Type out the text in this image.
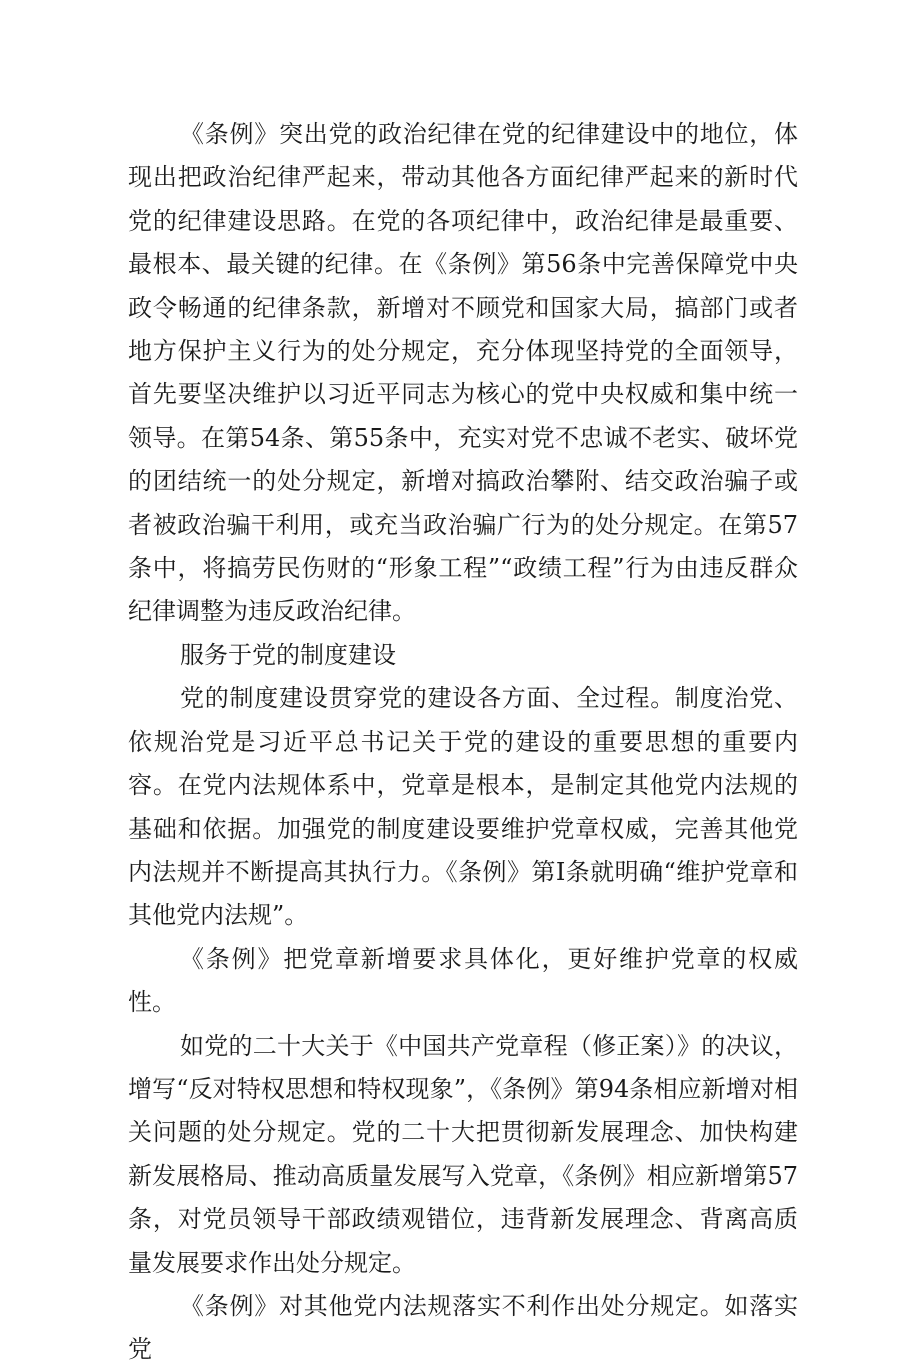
《条例》突出党的政治纪律在党的纪律建设中的地位，体现出把政治纪律严起来，带动其他各方面纪律严起来的新时代党的纪律建设思路。在党的各项纪律中，政治纪律是最重要、最根本、最关键的纪律。在《条例》第56条中完善保障党中央政令畅通的纪律条款，新增对不顾党和国家大局，搞部门或者地方保护主义行为的处分规定，充分体现坚持党的全面领导，首先要坚决维护以习近平同志为核心的党中央权威和集中统一领导。在第54条、第55条中，充实对党不忠诚不老实、破坏党的团结统一的处分规定，新增对搞政治攀附、结交政治骗子或者被政治骗干利用，或充当政治骗广行为的处分规定。在第57条中，将搞劳民伤财的“形象工程”“政绩工程”行为由违反群众纪律调整为违反政治纪律。

服务于党的制度建设

党的制度建设贯穿党的建设各方面、全过程。制度治党、依规治党是习近平总书记关于党的建设的重要思想的重要内容。在党内法规体系中，党章是根本，是制定其他党内法规的基础和依据。加强党的制度建设要维护党章权威，完善其他党内法规并不断提高其执行力。《条例》第I条就明确“维护党章和其他党内法规”。

《条例》把党章新增要求具体化，更好维护党章的权威性。

如党的二十大关于《中国共产党章程（修正案）》的决议，增写“反对特权思想和特权现象”，《条例》第94条相应新增对相关问题的处分规定。党的二十大把贯彻新发展理念、加快构建新发展格局、推动高质量发展写入党章，《条例》相应新增第57条，对党员领导干部政绩观错位，违背新发展理念、背离高质量发展要求作出处分规定。

《条例》对其他党内法规落实不利作出处分规定。如落实党
